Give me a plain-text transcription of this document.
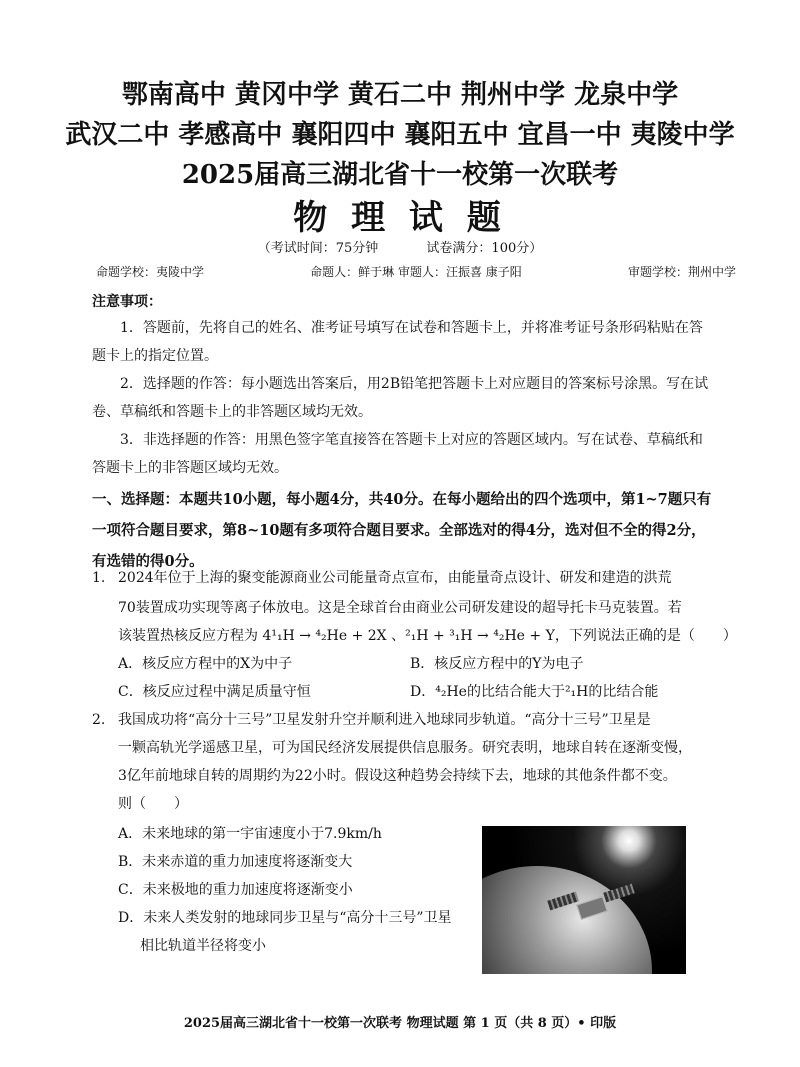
鄂南高中 黄冈中学 黄石二中 荆州中学 龙泉中学
武汉二中 孝感高中 襄阳四中 襄阳五中 宜昌一中 夷陵中学
2025届高三湖北省十一校第一次联考
物 理 试 题
（考试时间：75分钟	试卷满分：100分）
命题学校：夷陵中学	命题人：鲜于琳 审题人：汪振喜 康子阳	审题学校：荆州中学
注意事项：
1．答题前，先将自己的姓名、准考证号填写在试卷和答题卡上，并将准考证号条形码粘贴在答题卡上的指定位置。
2．选择题的作答：每小题选出答案后，用2B铅笔把答题卡上对应题目的答案标号涂黑。写在试卷、草稿纸和答题卡上的非答题区域均无效。
3．非选择题的作答：用黑色签字笔直接答在答题卡上对应的答题区域内。写在试卷、草稿纸和答题卡上的非答题区域均无效。
一、选择题：本题共10小题，每小题4分，共40分。在每小题给出的四个选项中，第1~7题只有一项符合题目要求，第8~10题有多项符合题目要求。全部选对的得4分，选对但不全的得2分，有选错的得0分。
1. 2024年位于上海的聚变能源商业公司能量奇点宣布，由能量奇点设计、研发和建造的洪荒
70装置成功实现等离子体放电。这是全球首台由商业公司研发建设的超导托卡马克装置。若
该装置热核反应方程为 4¹₁H → ⁴₂He + 2X 、²₁H + ³₁H → ⁴₂He + Y，下列说法正确的是（　　）
A．核反应方程中的X为中子	B．核反应方程中的Y为电子
C．核反应过程中满足质量守恒	D．⁴₂He的比结合能大于²₁H的比结合能
2. 我国成功将“高分十三号”卫星发射升空并顺利进入地球同步轨道。“高分十三号”卫星是
一颗高轨光学遥感卫星，可为国民经济发展提供信息服务。研究表明，地球自转在逐渐变慢，
3亿年前地球自转的周期约为22小时。假设这种趋势会持续下去，地球的其他条件都不变。
则（　　）
A．未来地球的第一宇宙速度小于7.9km/h
B．未来赤道的重力加速度将逐渐变大
C．未来极地的重力加速度将逐渐变小
D．未来人类发射的地球同步卫星与“高分十三号”卫星
相比轨道半径将变小
2025届高三湖北省十一校第一次联考 物理试题 第 1 页（共 8 页）• 印版
